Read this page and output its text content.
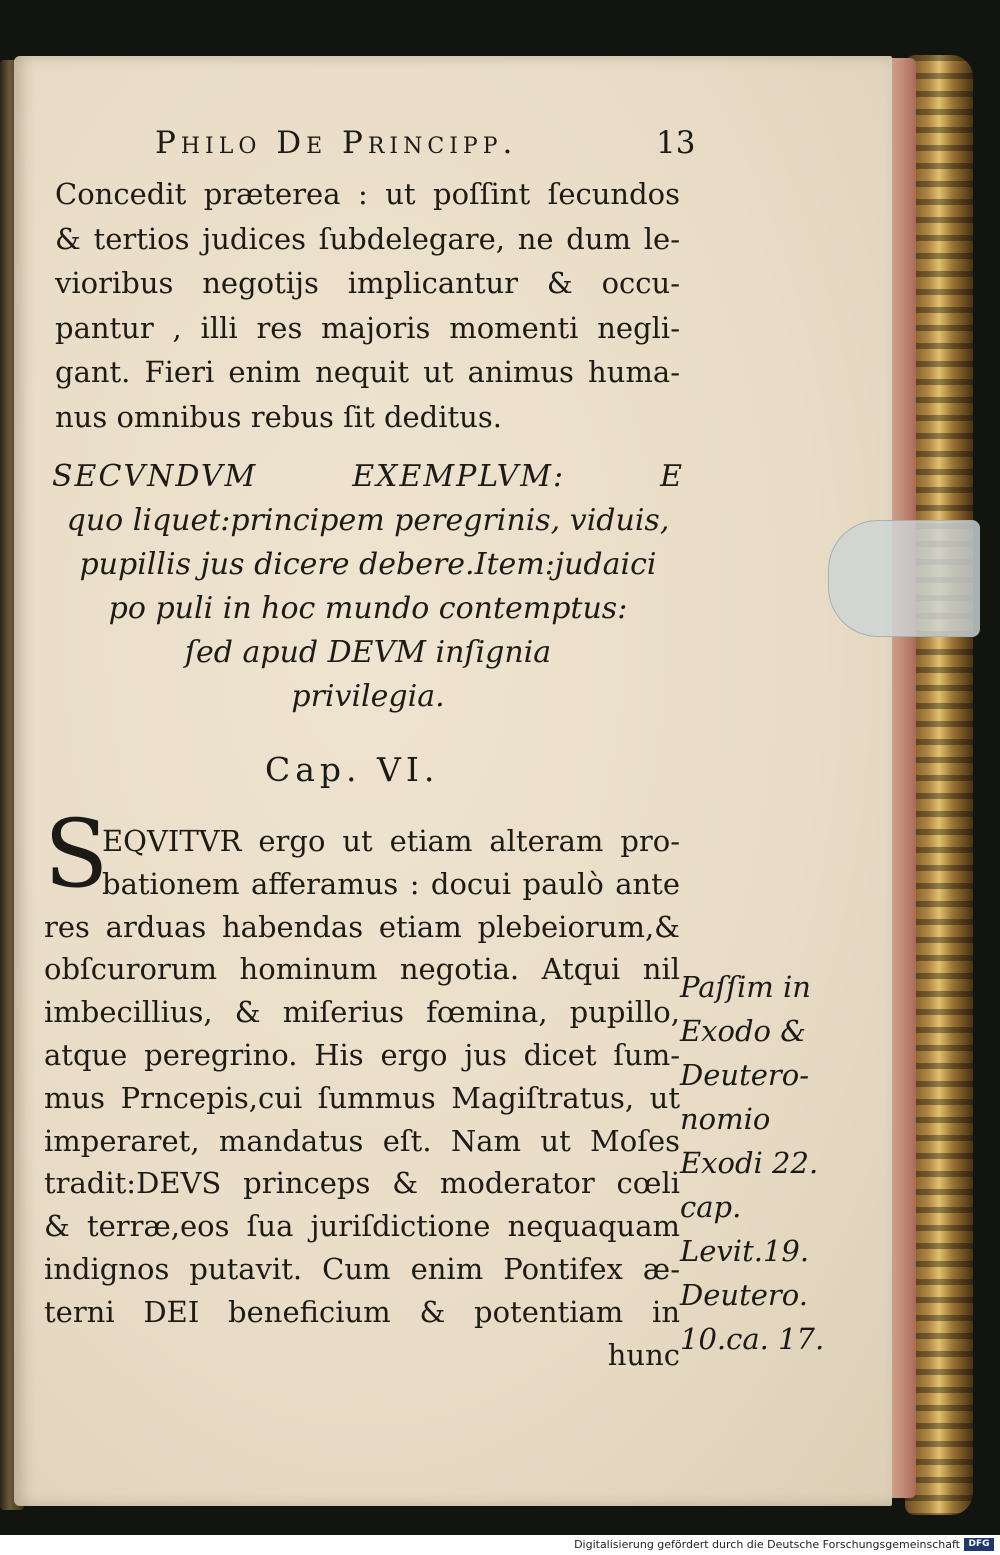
Philo De Principp.	13
Concedit præterea : ut poſſint ſecundos
& tertios judices ſubdelegare, ne dum le-
vioribus negotijs implicantur & occu-
pantur , illi res majoris momenti negli-
gant. Fieri enim nequit ut animus huma-
nus omnibus rebus ſit deditus.
SECVNDVM EXEMPLVM: E
quo liquet:principem peregrinis, viduis,
pupillis jus dicere debere.Item:judaici
po puli in hoc mundo contemptus:
ſed apud DEVM inſignia
privilegia.
Cap. VI.
S
EQVITVR ergo ut etiam alteram pro-
bationem afferamus : docui paulò ante
res arduas habendas etiam plebeiorum,&
obſcurorum hominum negotia. Atqui nil
imbecillius, & miſerius fœmina, pupillo,
atque peregrino. His ergo jus dicet ſum-
mus Prncepis,cui ſummus Magiſtratus, ut
imperaret, mandatus eſt. Nam ut Moſes
tradit:DEVS princeps & moderator cœli
& terræ,eos ſua juriſdictione nequaquam
indignos putavit. Cum enim Pontifex æ-
terni DEI beneficium & potentiam in
hunc
Paſſim in
Exodo &
Deutero-
nomio
Exodi 22.
cap.
Levit.19.
Deutero.
10.ca. 17.
Digitalisierung gefördert durch die Deutsche Forschungsgemeinschaft DFG
